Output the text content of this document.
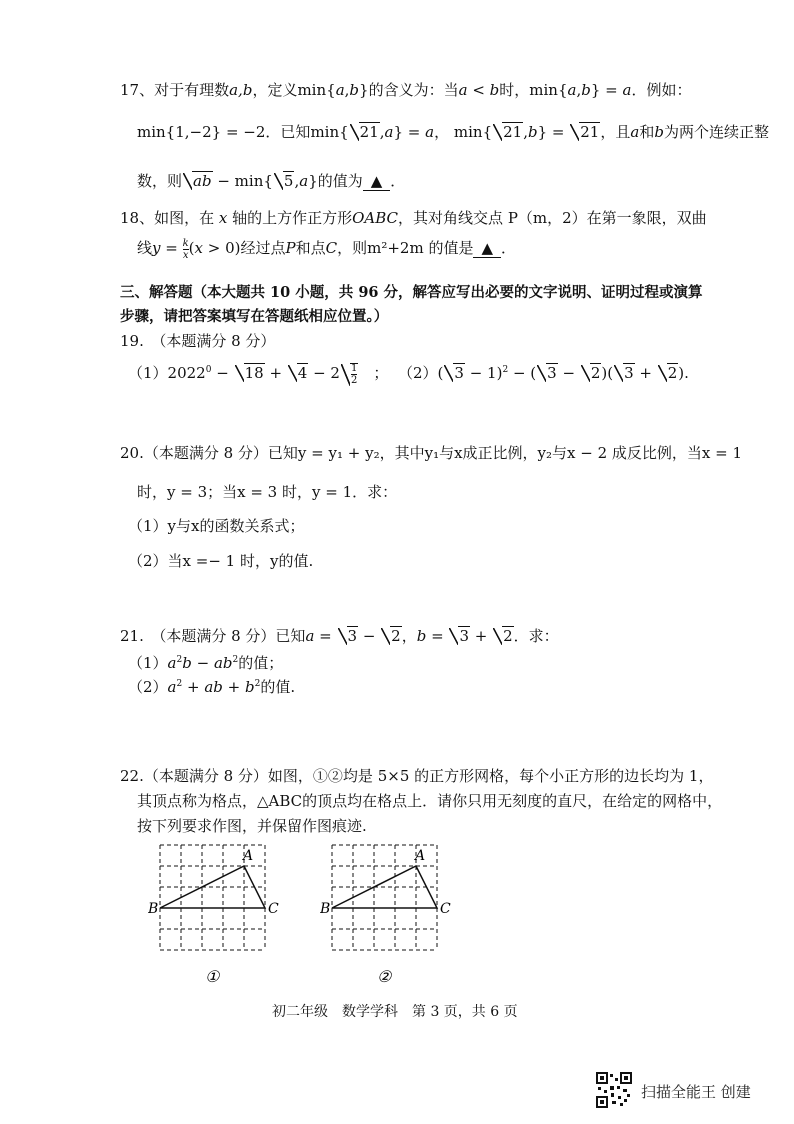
17、对于有理数a,b，定义min{a,b}的含义为：当a < b时，min{a,b} = a．例如：
min{1,−2} = −2．已知min{ 21,a} = a， min{ 21,b} = 21，且a和b为两个连续正整
数，则 ab − min{ 5,a}的值为 ▲ ．
18、如图，在 x 轴的上方作正方形OABC，其对角线交点 P（m，2）在第一象限，双曲
线$y = \frac{k}{x} (x > 0)$经过点P和点C，则m²+2m 的值是 ▲ ．
三、解答题（本大题共 10 小题，共 96 分，解答应写出必要的文字说明、证明过程或演算
步骤，请把答案填写在答题纸相应位置。）
19.　（本题满分 8 分）
$(1)2022^0 - 18 + 4 - 2 \frac{1}{2}$ 　； （2）( 3 − 1)$^2$ − ( 3 − 2)( 3 + 2).
20.（本题满分 8 分）已知y = y₁ + y₂，其中y₁与x成正比例，y₂与x − 2 成反比例，当x = 1
时，y = 3；当x = 3 时，y = 1．求：
（1）y与x的函数关系式；
（2）当x =− 1 时，y的值.
21.　（本题满分 8 分）已知a = 3 − 2，b = 3 + 2．求：
$(1)a^2b - ab^2$的值；
$(2)a^2$ + ab + $b^2$的值.
22.（本题满分 8 分）如图，①②均是 5×5 的正方形网格，每个小正方形的边长均为 1，
其顶点称为格点，△ABC的顶点均在格点上．请你只用无刻度的直尺，在给定的网格中，
按下列要求作图，并保留作图痕迹.
A
B	C
①
A
B	C
②
初二年级　数学学科　第 3 页，共 6 页
扫描全能王 创建
